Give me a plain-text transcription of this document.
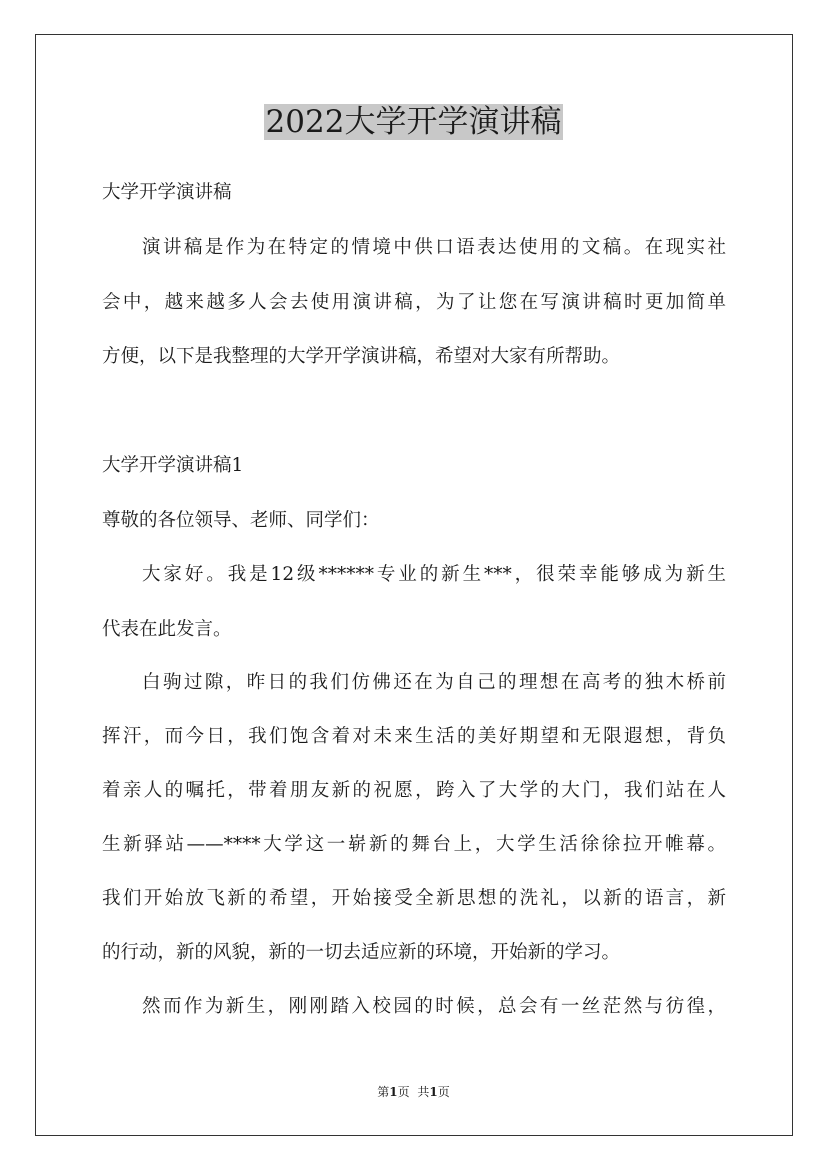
2022大学开学演讲稿

大学开学演讲稿

演讲稿是作为在特定的情境中供口语表达使用的文稿。在现实社

会中，越来越多人会去使用演讲稿，为了让您在写演讲稿时更加简单

方便，以下是我整理的大学开学演讲稿，希望对大家有所帮助。

大学开学演讲稿1

尊敬的各位领导、老师、同学们：

大家好。我是12级******专业的新生***，很荣幸能够成为新生

代表在此发言。

白驹过隙，昨日的我们仿佛还在为自己的理想在高考的独木桥前

挥汗，而今日，我们饱含着对未来生活的美好期望和无限遐想，背负

着亲人的嘱托，带着朋友新的祝愿，跨入了大学的大门，我们站在人

生新驿站——****大学这一崭新的舞台上，大学生活徐徐拉开帷幕。

我们开始放飞新的希望，开始接受全新思想的洗礼，以新的语言，新

的行动，新的风貌，新的一切去适应新的环境，开始新的学习。

然而作为新生，刚刚踏入校园的时候，总会有一丝茫然与彷徨，

第1页 共1页
